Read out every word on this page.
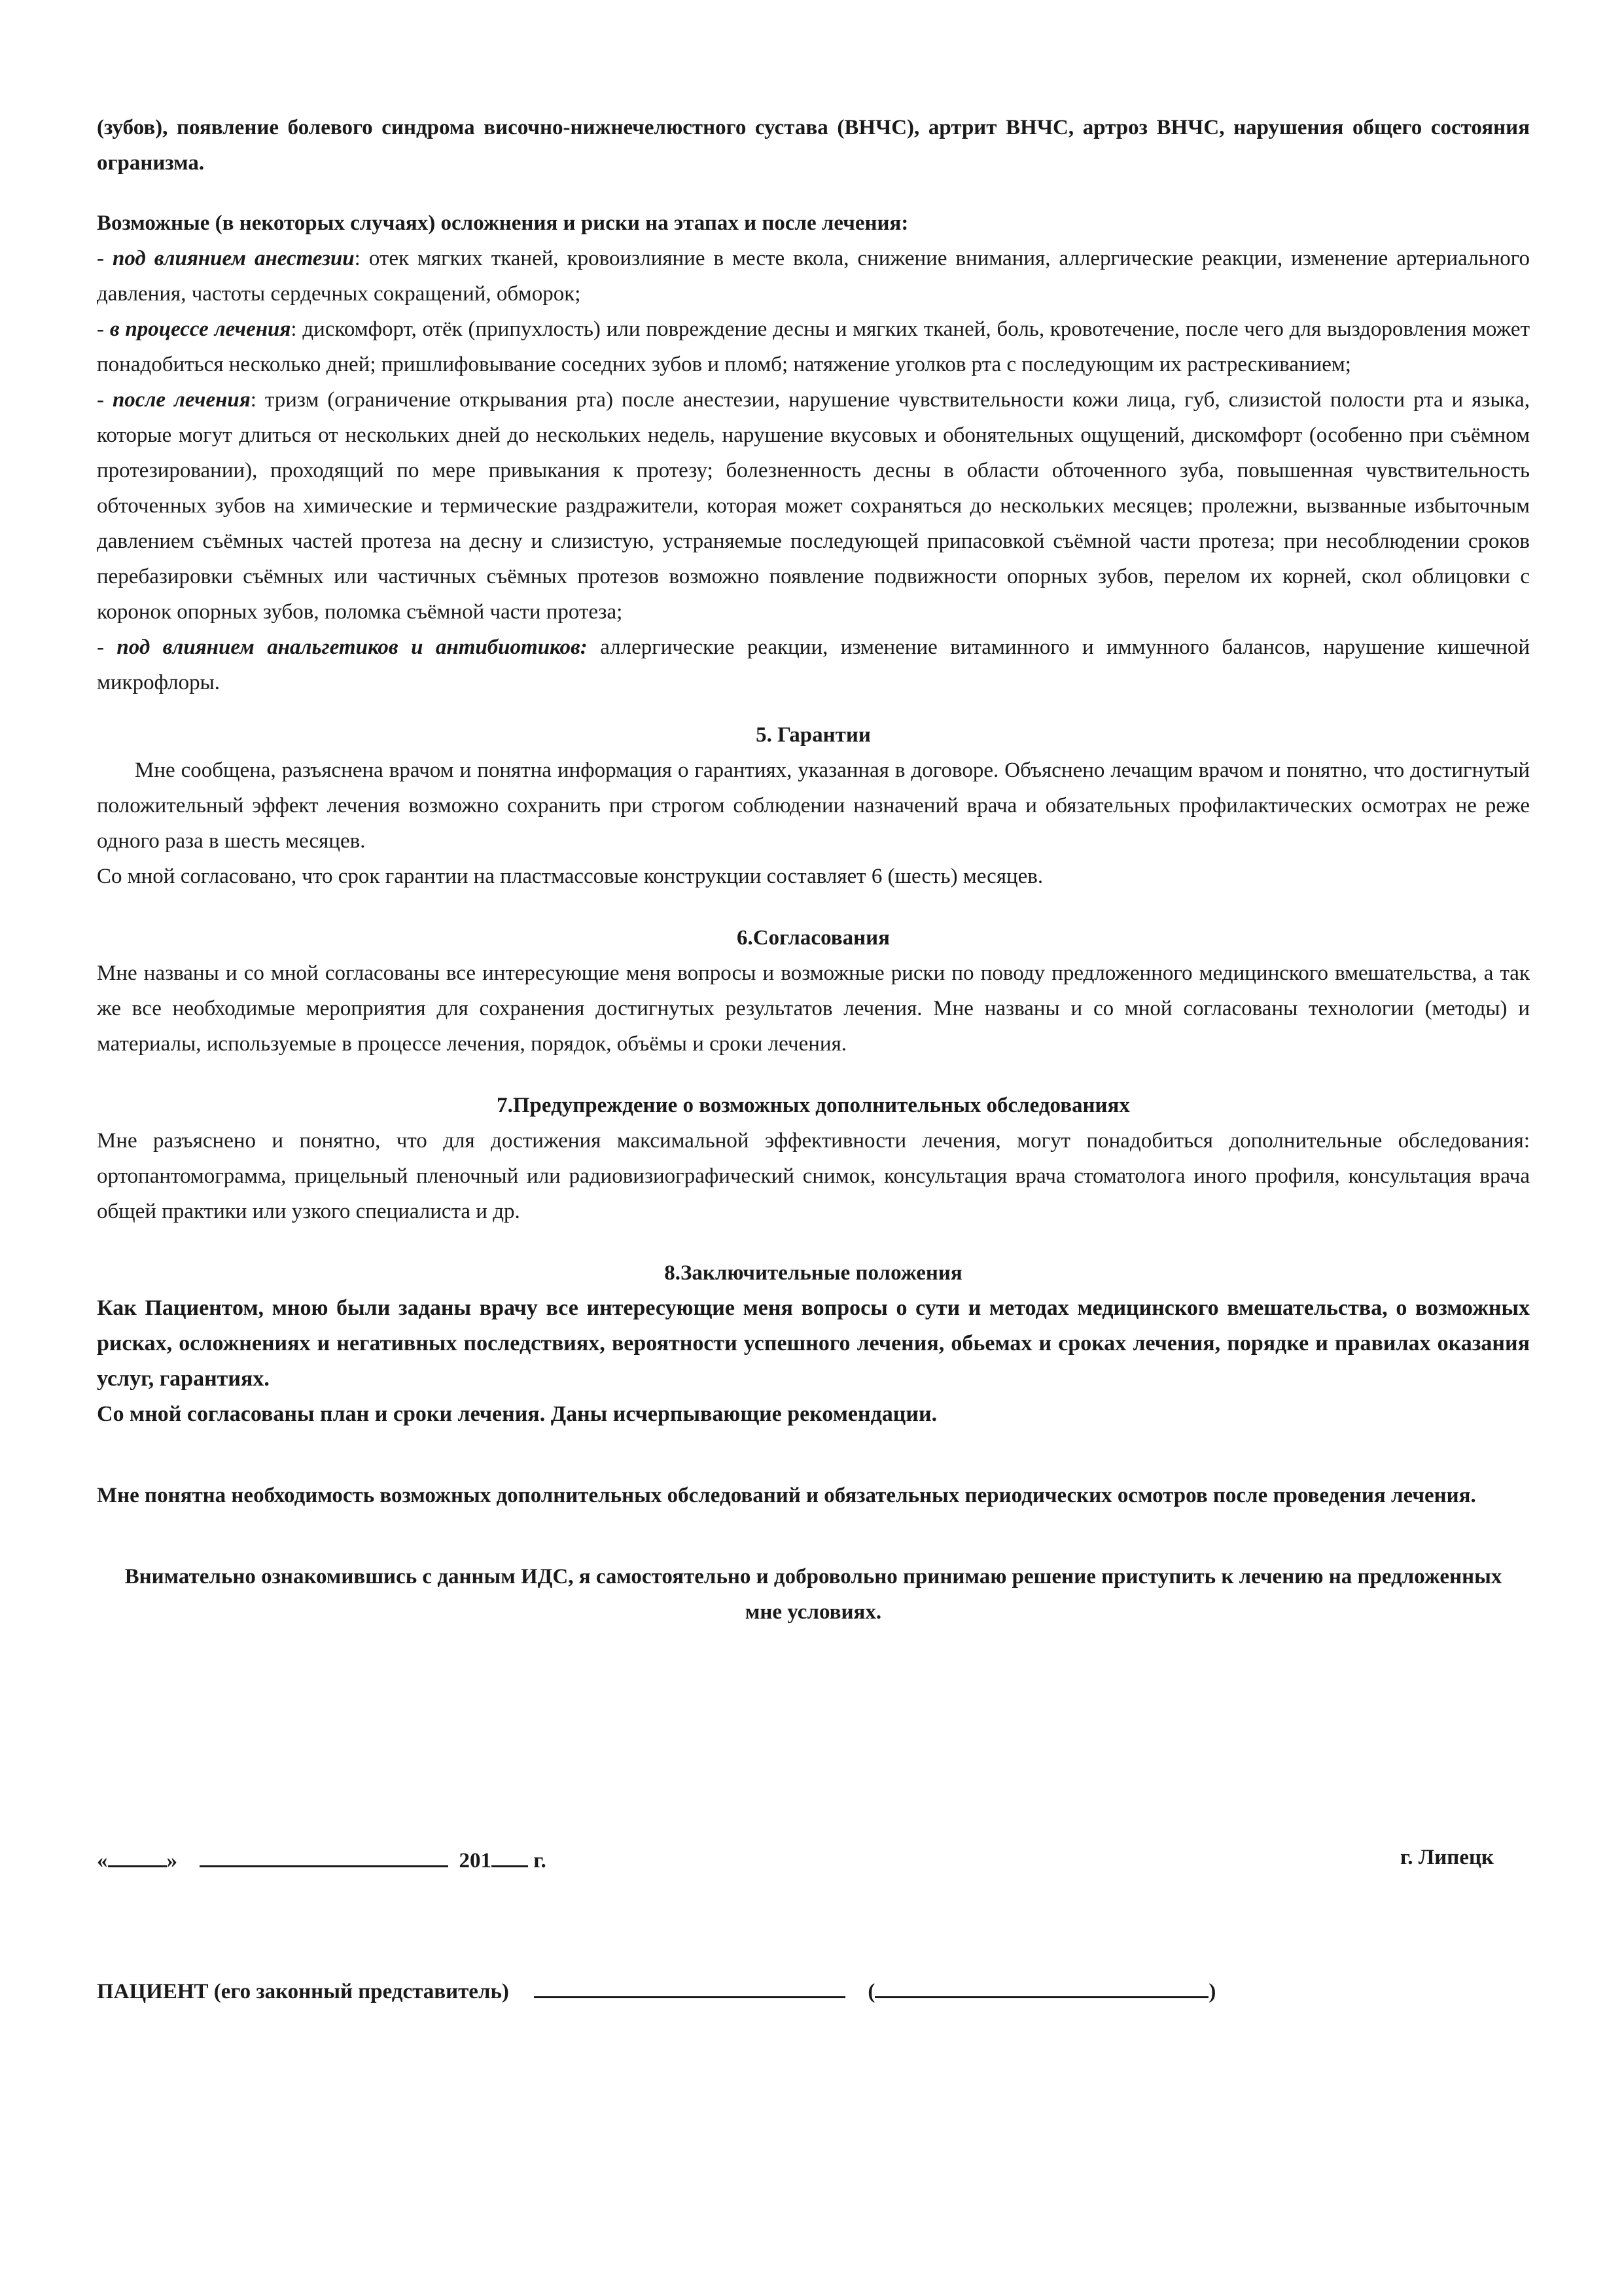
(зубов), появление болевого синдрома височно-нижнечелюстного сустава (ВНЧС), артрит ВНЧС, артроз ВНЧС, нарушения общего состояния огранизма.

Возможные (в некоторых случаях) осложнения и риски на этапах и после лечения:

- под влиянием анестезии: отек мягких тканей, кровоизлияние в месте вкола, снижение внимания, аллергические реакции, изменение артериального давления, частоты сердечных сокращений, обморок;

- в процессе лечения: дискомфорт, отёк (припухлость) или повреждение десны и мягких тканей, боль, кровотечение, после чего для выздоровления может понадобиться несколько дней; пришлифовывание соседних зубов и пломб; натяжение уголков рта с последующим их растрескиванием;

- после лечения: тризм (ограничение открывания рта) после анестезии, нарушение чувствительности кожи лица, губ, слизистой полости рта и языка, которые могут длиться от нескольких дней до нескольких недель, нарушение вкусовых и обонятельных ощущений, дискомфорт (особенно при съёмном протезировании), проходящий по мере привыкания к протезу; болезненность десны в области обточенного зуба, повышенная чувствительность обточенных зубов на химические и термические раздражители, которая может сохраняться до нескольких месяцев; пролежни, вызванные избыточным давлением съёмных частей протеза на десну и слизистую, устраняемые последующей припасовкой съёмной части протеза; при несоблюдении сроков перебазировки съёмных или частичных съёмных протезов возможно появление подвижности опорных зубов, перелом их корней, скол облицовки с коронок опорных зубов, поломка съёмной части протеза;

- под влиянием анальгетиков и антибиотиков: аллергические реакции, изменение витаминного и иммунного балансов, нарушение кишечной микрофлоры.

5. Гарантии

Мне сообщена, разъяснена врачом и понятна информация о гарантиях, указанная в договоре. Объяснено лечащим врачом и понятно, что достигнутый положительный эффект лечения возможно сохранить при строгом соблюдении назначений врача и обязательных профилактических осмотрах не реже одного раза в шесть месяцев.

Со мной согласовано, что срок гарантии на пластмассовые конструкции составляет 6 (шесть) месяцев.

6.Согласования

Мне названы и со мной согласованы все интересующие меня вопросы и возможные риски по поводу предложенного медицинского вмешательства, а так же все необходимые мероприятия для сохранения достигнутых результатов лечения. Мне названы и со мной согласованы технологии (методы) и материалы, используемые в процессе лечения, порядок, объёмы и сроки лечения.

7.Предупреждение о возможных дополнительных обследованиях

Мне разъяснено и понятно, что для достижения максимальной эффективности лечения, могут понадобиться дополнительные обследования: ортопантомограмма, прицельный пленочный или радиовизиографический снимок, консультация врача стоматолога иного профиля, консультация врача общей практики или узкого специалиста и др.

8.Заключительные положения

Как Пациентом, мною были заданы врачу все интересующие меня вопросы о сути и методах медицинского вмешательства, о возможных рисках, осложнениях и негативных последствиях, вероятности успешного лечения, обьемах и сроках лечения, порядке и правилах оказания услуг, гарантиях.

Со мной согласованы план и сроки лечения. Даны исчерпывающие рекомендации.

Мне понятна необходимость возможных дополнительных обследований и обязательных периодических осмотров после проведения лечения.

Внимательно ознакомившись с данным ИДС, я самостоятельно и добровольно принимаю решение приступить к лечению на предложенных мне условиях.

«	»	201 г.	г. Липецк
ПАЦИЕНТ (его законный представитель)	(	)
